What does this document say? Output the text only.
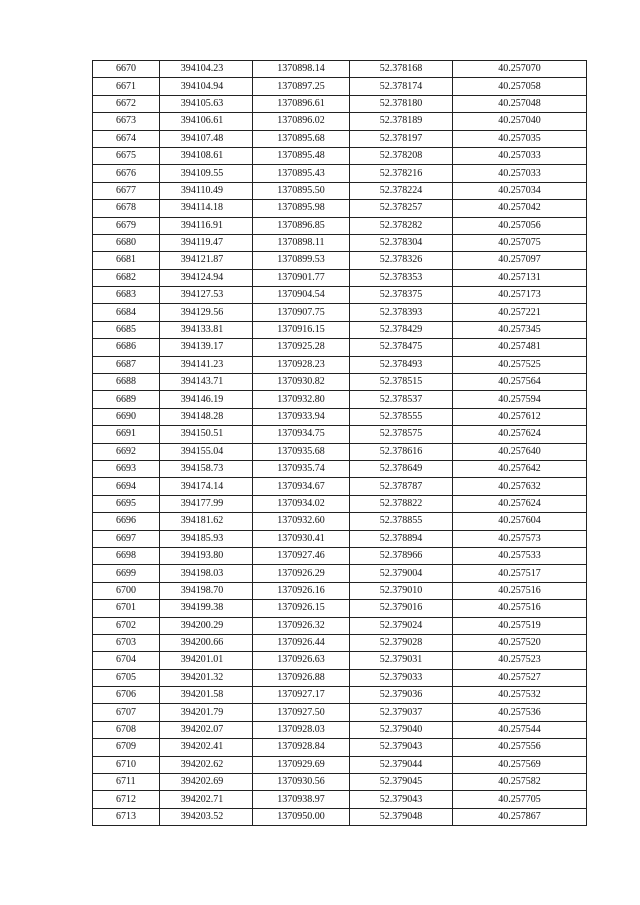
6670	394104.23	1370898.14	52.378168	40.257070
6671	394104.94	1370897.25	52.378174	40.257058
6672	394105.63	1370896.61	52.378180	40.257048
6673	394106.61	1370896.02	52.378189	40.257040
6674	394107.48	1370895.68	52.378197	40.257035
6675	394108.61	1370895.48	52.378208	40.257033
6676	394109.55	1370895.43	52.378216	40.257033
6677	394110.49	1370895.50	52.378224	40.257034
6678	394114.18	1370895.98	52.378257	40.257042
6679	394116.91	1370896.85	52.378282	40.257056
6680	394119.47	1370898.11	52.378304	40.257075
6681	394121.87	1370899.53	52.378326	40.257097
6682	394124.94	1370901.77	52.378353	40.257131
6683	394127.53	1370904.54	52.378375	40.257173
6684	394129.56	1370907.75	52.378393	40.257221
6685	394133.81	1370916.15	52.378429	40.257345
6686	394139.17	1370925.28	52.378475	40.257481
6687	394141.23	1370928.23	52.378493	40.257525
6688	394143.71	1370930.82	52.378515	40.257564
6689	394146.19	1370932.80	52.378537	40.257594
6690	394148.28	1370933.94	52.378555	40.257612
6691	394150.51	1370934.75	52.378575	40.257624
6692	394155.04	1370935.68	52.378616	40.257640
6693	394158.73	1370935.74	52.378649	40.257642
6694	394174.14	1370934.67	52.378787	40.257632
6695	394177.99	1370934.02	52.378822	40.257624
6696	394181.62	1370932.60	52.378855	40.257604
6697	394185.93	1370930.41	52.378894	40.257573
6698	394193.80	1370927.46	52.378966	40.257533
6699	394198.03	1370926.29	52.379004	40.257517
6700	394198.70	1370926.16	52.379010	40.257516
6701	394199.38	1370926.15	52.379016	40.257516
6702	394200.29	1370926.32	52.379024	40.257519
6703	394200.66	1370926.44	52.379028	40.257520
6704	394201.01	1370926.63	52.379031	40.257523
6705	394201.32	1370926.88	52.379033	40.257527
6706	394201.58	1370927.17	52.379036	40.257532
6707	394201.79	1370927.50	52.379037	40.257536
6708	394202.07	1370928.03	52.379040	40.257544
6709	394202.41	1370928.84	52.379043	40.257556
6710	394202.62	1370929.69	52.379044	40.257569
6711	394202.69	1370930.56	52.379045	40.257582
6712	394202.71	1370938.97	52.379043	40.257705
6713	394203.52	1370950.00	52.379048	40.257867
